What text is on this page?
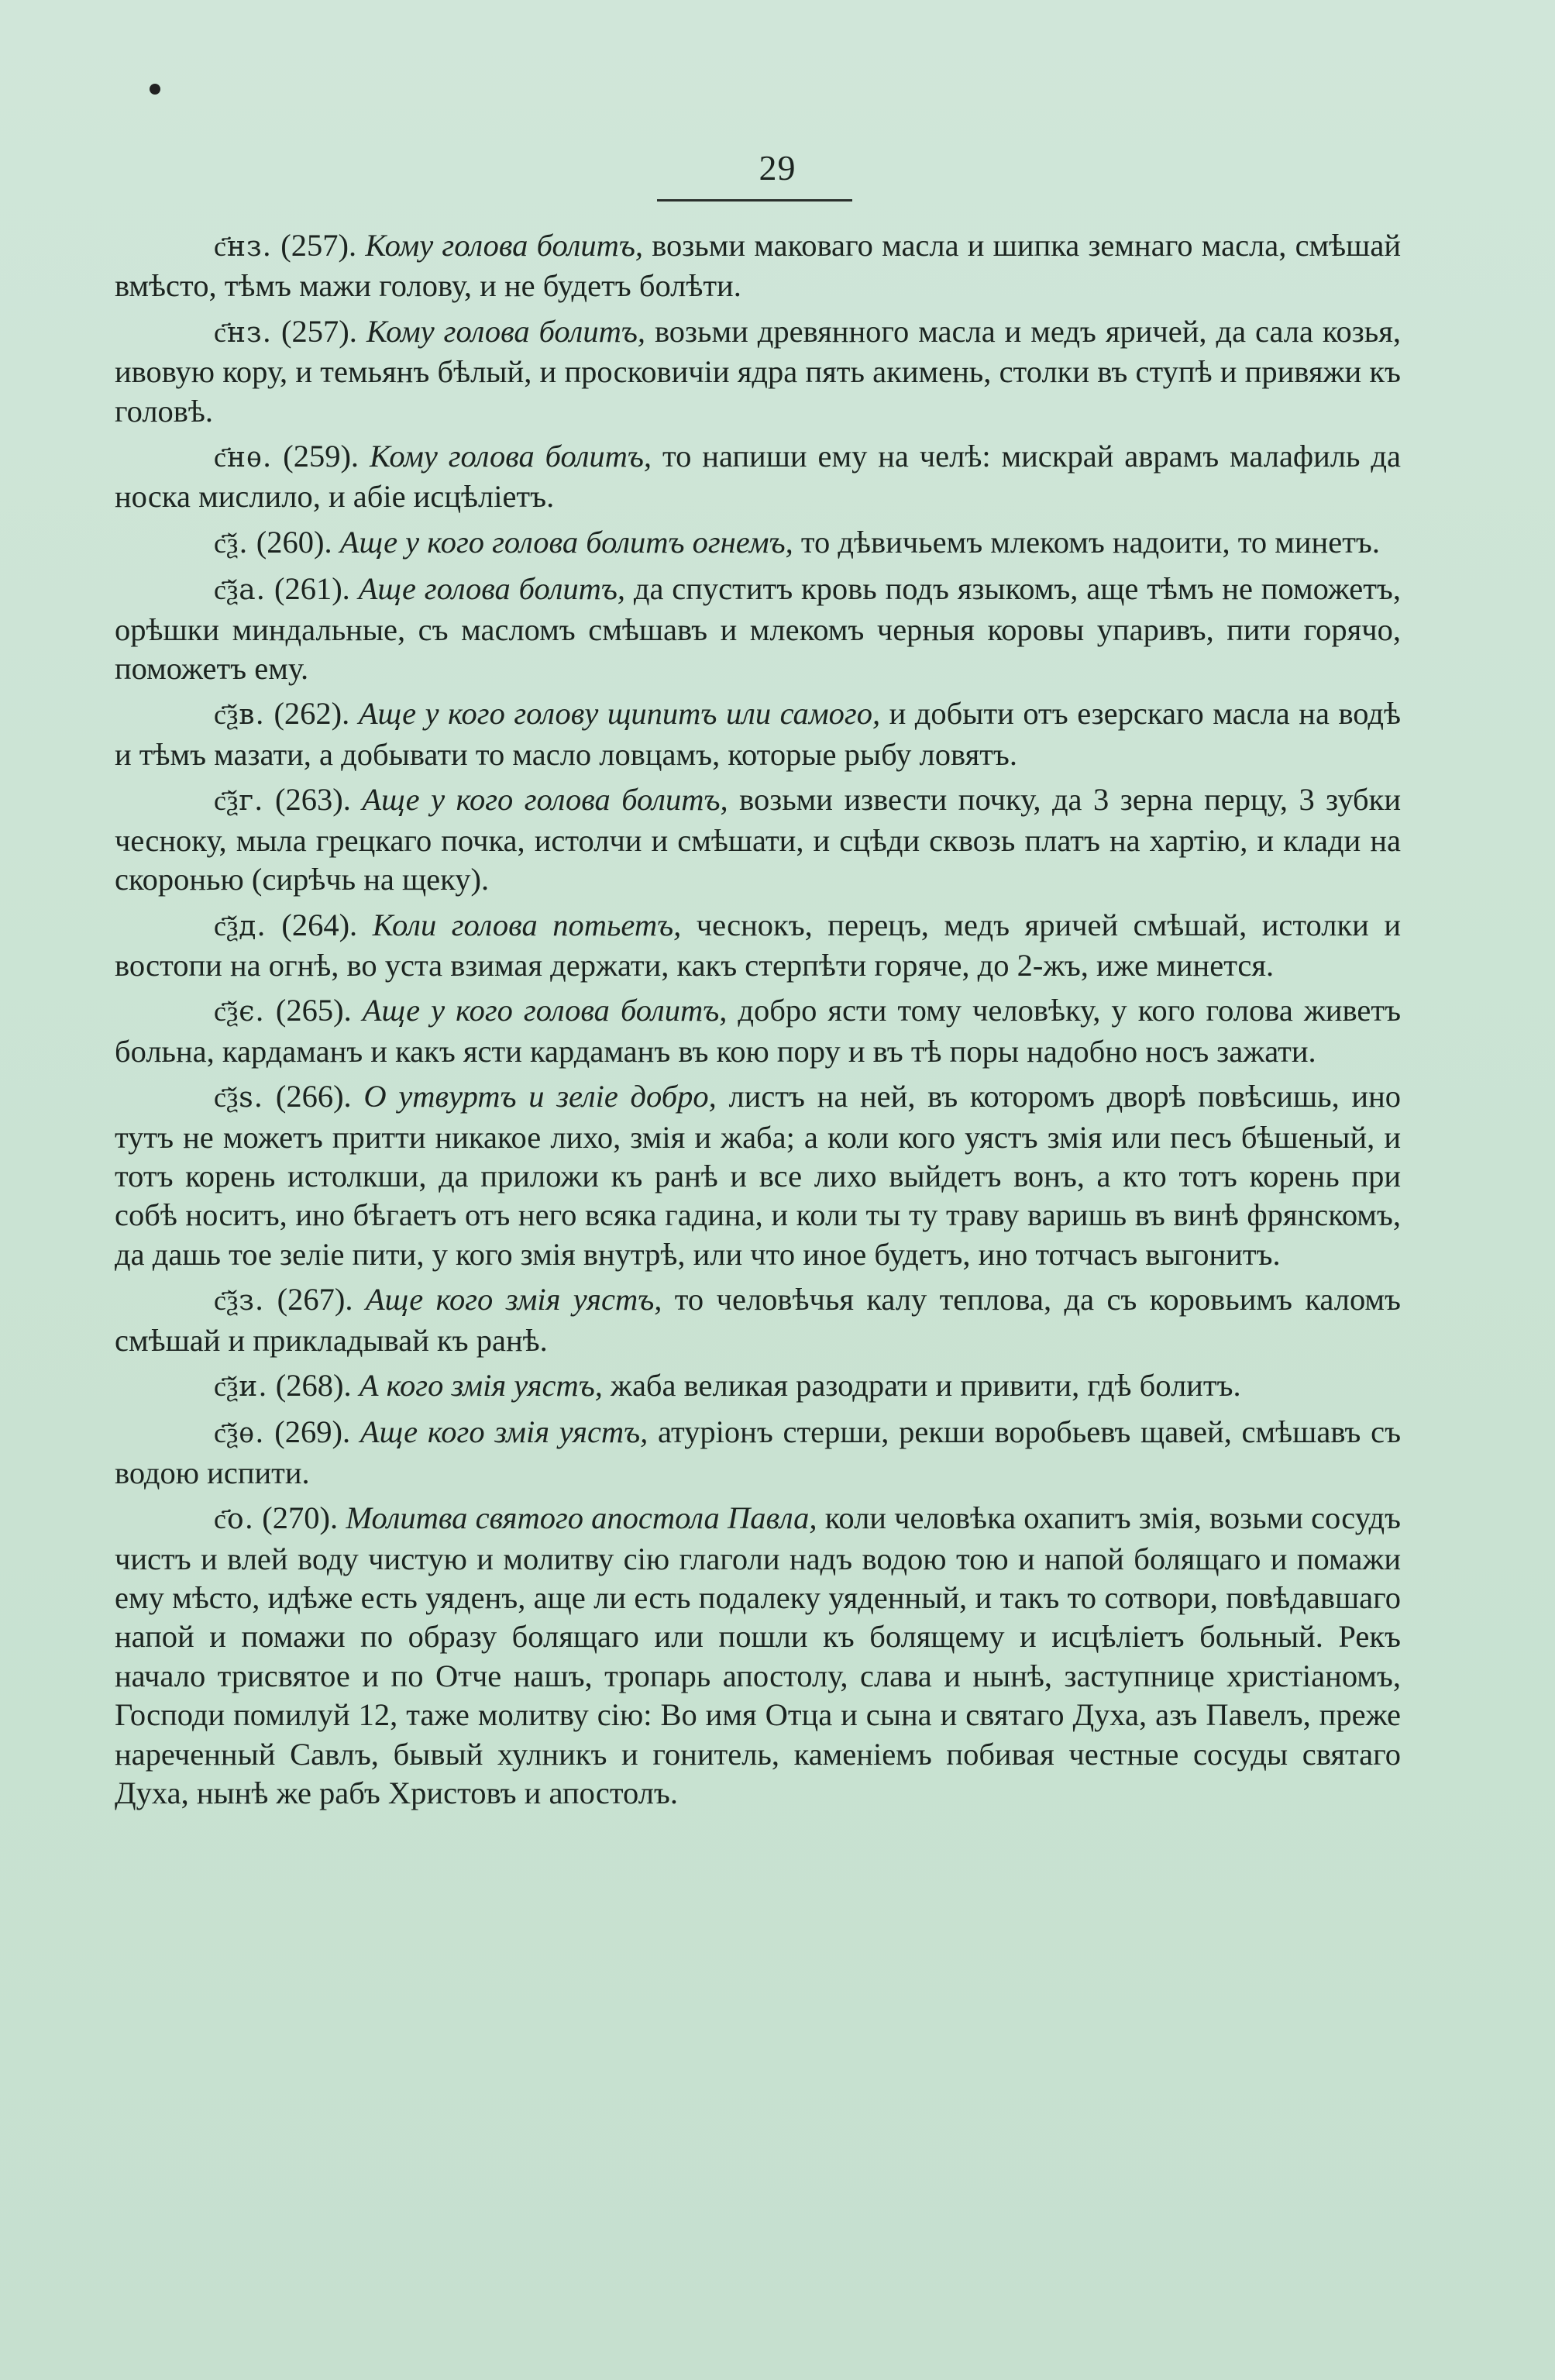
29

с҃нз. (257). Кому голова болитъ, возьми маковаго масла и шипка земнаго масла, смѣшай вмѣсто, тѣмъ мажи голову, и не будетъ болѣти.

с҃нз. (257). Кому голова болитъ, возьми древянного масла и медъ яричей, да сала козья, ивовую кору, и темьянъ бѣлый, и просковичіи ядра пять акимень, столки въ ступѣ и привяжи къ головѣ.

с҃нѳ. (259). Кому голова болитъ, то напиши ему на челѣ: мискрай аврамъ малафиль да носка мислило, и абіе исцѣліетъ.

с҃ѯ. (260). Аще у кого голова болитъ огнемъ, то дѣвичьемъ млекомъ надоити, то минетъ.

с҃ѯа. (261). Аще голова болитъ, да спуститъ кровь подъ языкомъ, аще тѣмъ не поможетъ, орѣшки миндальные, съ масломъ смѣшавъ и млекомъ черныя коровы упаривъ, пити горячо, поможетъ ему.

с҃ѯв. (262). Аще у кого голову щипитъ или самого, и добыти отъ езерскаго масла на водѣ и тѣмъ мазати, а добывати то масло ловцамъ, которые рыбу ловятъ.

с҃ѯг. (263). Аще у кого голова болитъ, возьми извести почку, да 3 зерна перцу, 3 зубки чесноку, мыла грецкаго почка, истолчи и смѣшати, и сцѣди сквозь платъ на хартію, и клади на скоронью (сирѣчь на щеку).

с҃ѯд. (264). Коли голова потьетъ, чеснокъ, перецъ, медъ яричей смѣшай, истолки и востопи на огнѣ, во уста взимая держати, какъ стерпѣти горяче, до 2-жъ, иже минется.

с҃ѯє. (265). Аще у кого голова болитъ, добро ясти тому человѣку, у кого голова живетъ больна, кардаманъ и какъ ясти кардаманъ въ кою пору и въ тѣ поры надобно носъ зажати.

с҃ѯѕ. (266). О утвуртъ и зеліе добро, листъ на ней, въ которомъ дворѣ повѣсишь, ино тутъ не можетъ притти никакое лихо, змія и жаба; а коли кого уястъ змія или песъ бѣшеный, и тотъ корень истолкши, да приложи къ ранѣ и все лихо выйдетъ вонъ, а кто тотъ корень при собѣ носитъ, ино бѣгаетъ отъ него всяка гадина, и коли ты ту траву варишь въ винѣ фрянскомъ, да дашь тое зеліе пити, у кого змія внутрѣ, или что иное будетъ, ино тотчасъ выгонитъ.

с҃ѯз. (267). Аще кого змія уястъ, то человѣчья калу теплова, да съ коровьимъ каломъ смѣшай и прикладывай къ ранѣ.

с҃ѯи. (268). А кого змія уястъ, жаба великая разодрати и привити, гдѣ болитъ.

с҃ѯѳ. (269). Аще кого змія уястъ, атуріонъ стерши, рекши воробьевъ щавей, смѣшавъ съ водою испити.

с҃о. (270). Молитва святого апостола Павла, коли человѣка охапитъ змія, возьми сосудъ чистъ и влей воду чистую и молитву сію глаголи надъ водою тою и напой болящаго и помажи ему мѣсто, идѣже есть уяденъ, аще ли есть подалеку уяденный, и такъ то сотвори, повѣдавшаго напой и помажи по образу болящаго или пошли къ болящему и исцѣліетъ больный. Рекъ начало трисвятое и по Отче нашъ, тропарь апостолу, слава и нынѣ, заступнице христіаномъ, Господи помилуй 12, таже молитву сію: Во имя Отца и сына и святаго Духа, азъ Павелъ, преже нареченный Савлъ, бывый хулникъ и гонитель, каменіемъ побивая честные сосуды святаго Духа, нынѣ же рабъ Христовъ и апостолъ.
